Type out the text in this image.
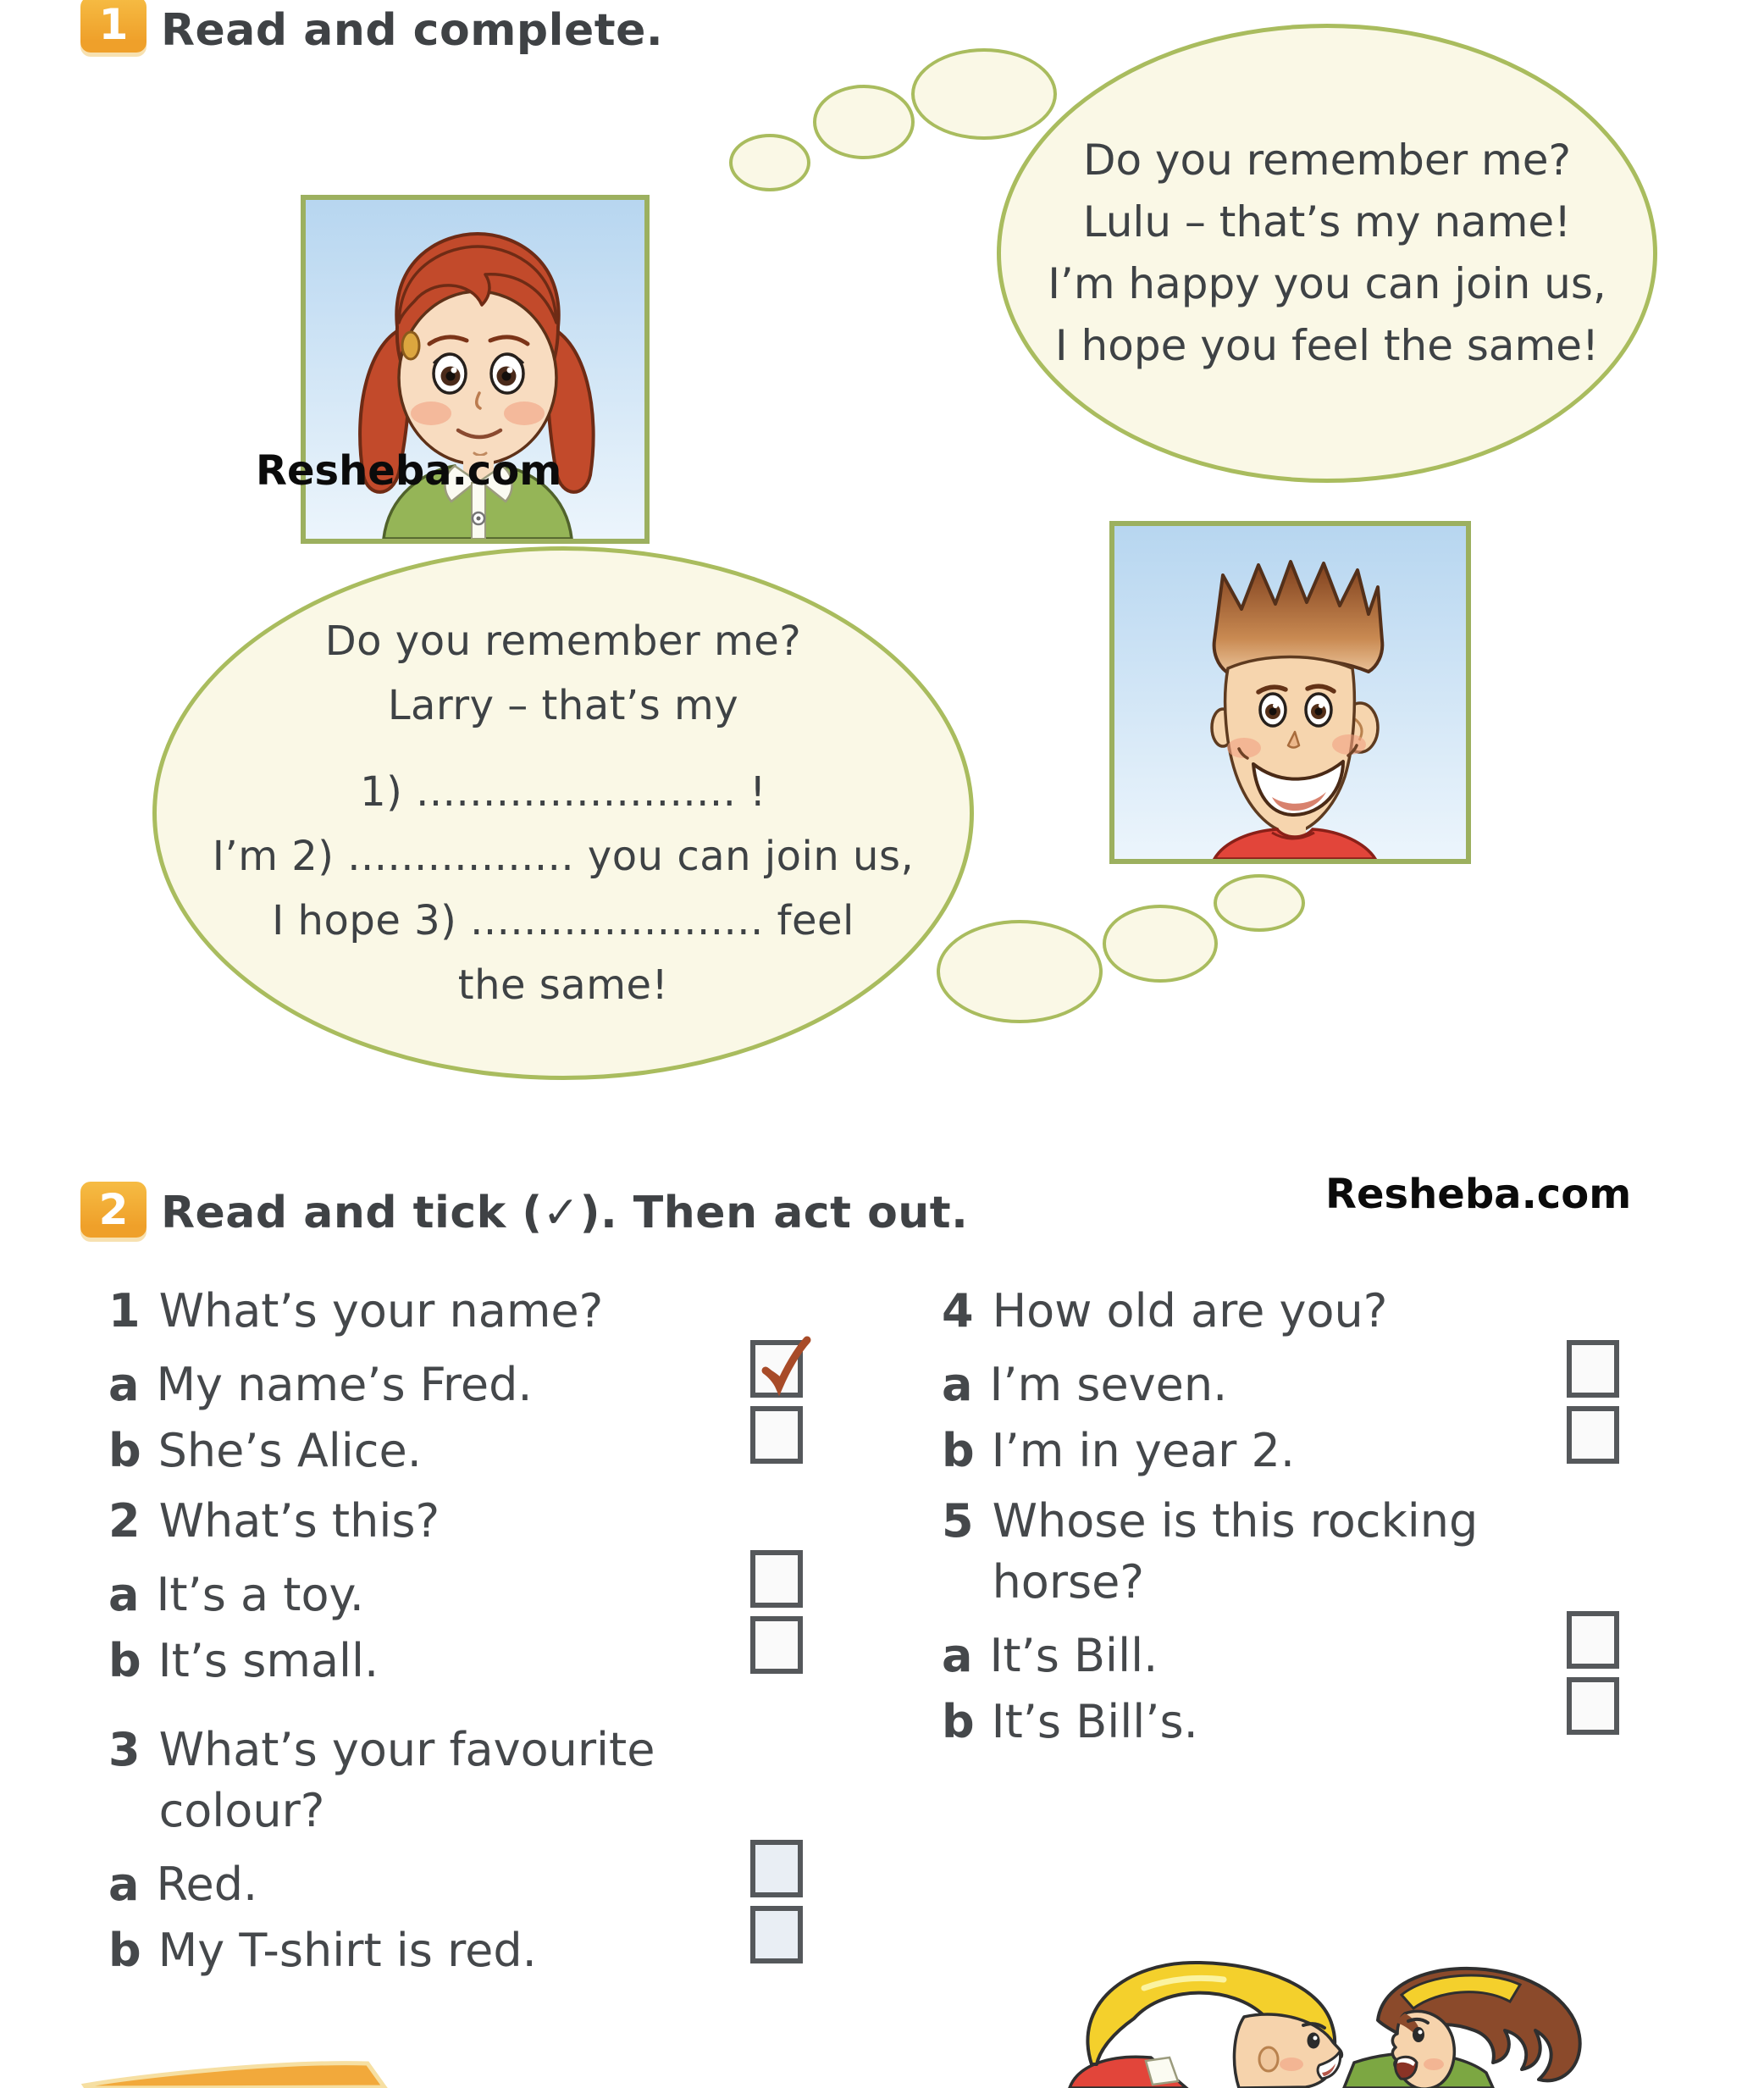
1 Read and complete.
Do you remember me?
Lulu – that’s my name!
I’m happy you can join us,
I hope you feel the same!
Resheba.com
Do you remember me?
Larry – that’s my
1) ........................ !
I’m 2) ................. you can join us,
I hope 3) ...................... feel
the same!
2 Read and tick (✓). Then act out.	Resheba.com
1 What’s your name?
a My name’s Fred.
b She’s Alice.
2 What’s this?
a It’s a toy.
b It’s small.
3 What’s your favourite colour?
a Red.
b My T-shirt is red.
4 How old are you?
a I’m seven.
b I’m in year 2.
5 Whose is this rocking horse?
a It’s Bill.
b It’s Bill’s.
